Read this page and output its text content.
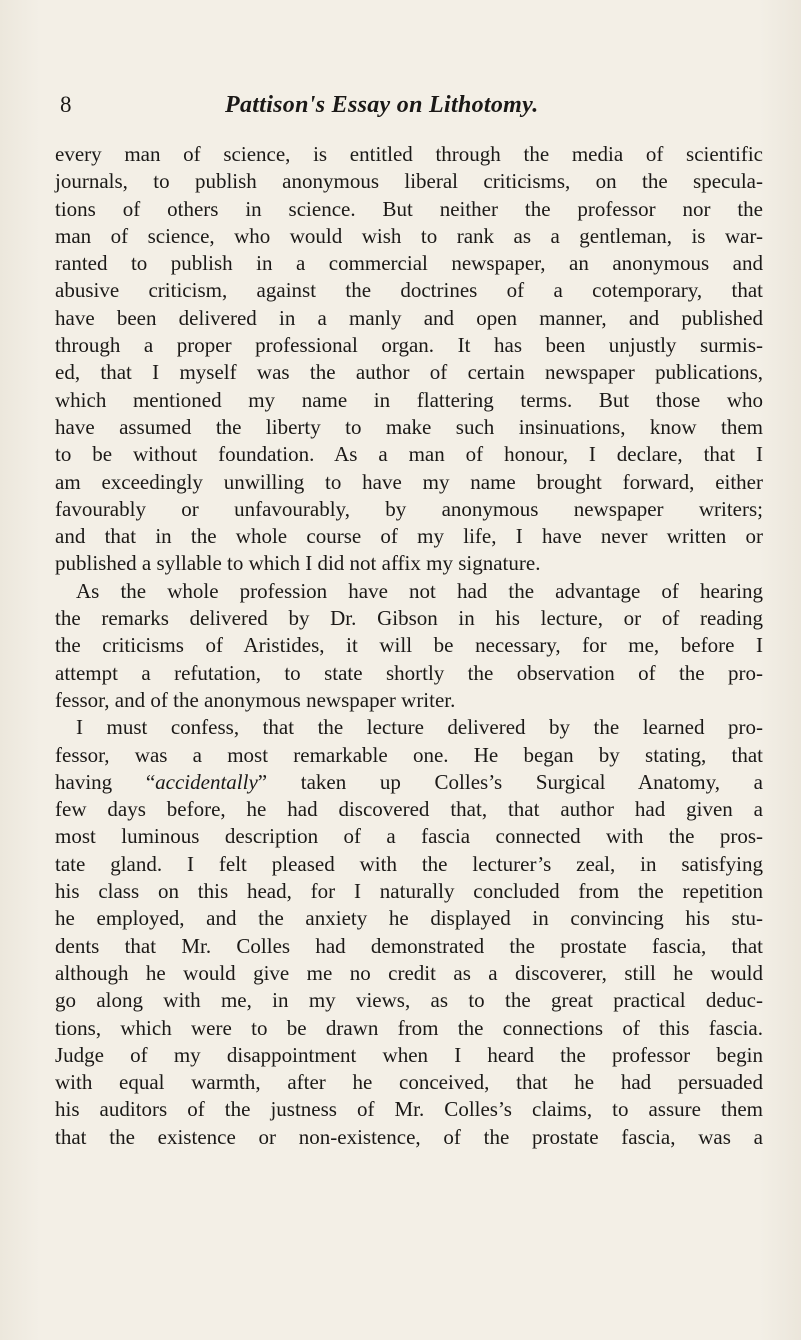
8	Pattison's Essay on Lithotomy.
every man of science, is entitled through the media of scientific
journals, to publish anonymous liberal criticisms, on the specula-
tions of others in science. But neither the professor nor the
man of science, who would wish to rank as a gentleman, is war-
ranted to publish in a commercial newspaper, an anonymous and
abusive criticism, against the doctrines of a cotemporary, that
have been delivered in a manly and open manner, and published
through a proper professional organ. It has been unjustly surmis-
ed, that I myself was the author of certain newspaper publications,
which mentioned my name in flattering terms. But those who
have assumed the liberty to make such insinuations, know them
to be without foundation. As a man of honour, I declare, that I
am exceedingly unwilling to have my name brought forward, either
favourably or unfavourably, by anonymous newspaper writers;
and that in the whole course of my life, I have never written or
published a syllable to which I did not affix my signature.
As the whole profession have not had the advantage of hearing
the remarks delivered by Dr. Gibson in his lecture, or of reading
the criticisms of Aristides, it will be necessary, for me, before I
attempt a refutation, to state shortly the observation of the pro-
fessor, and of the anonymous newspaper writer.
I must confess, that the lecture delivered by the learned pro-
fessor, was a most remarkable one. He began by stating, that
having “accidentally” taken up Colles’s Surgical Anatomy, a
few days before, he had discovered that, that author had given a
most luminous description of a fascia connected with the pros-
tate gland. I felt pleased with the lecturer’s zeal, in satisfying
his class on this head, for I naturally concluded from the repetition
he employed, and the anxiety he displayed in convincing his stu-
dents that Mr. Colles had demonstrated the prostate fascia, that
although he would give me no credit as a discoverer, still he would
go along with me, in my views, as to the great practical deduc-
tions, which were to be drawn from the connections of this fascia.
Judge of my disappointment when I heard the professor begin
with equal warmth, after he conceived, that he had persuaded
his auditors of the justness of Mr. Colles’s claims, to assure them
that the existence or non-existence, of the prostate fascia, was a
